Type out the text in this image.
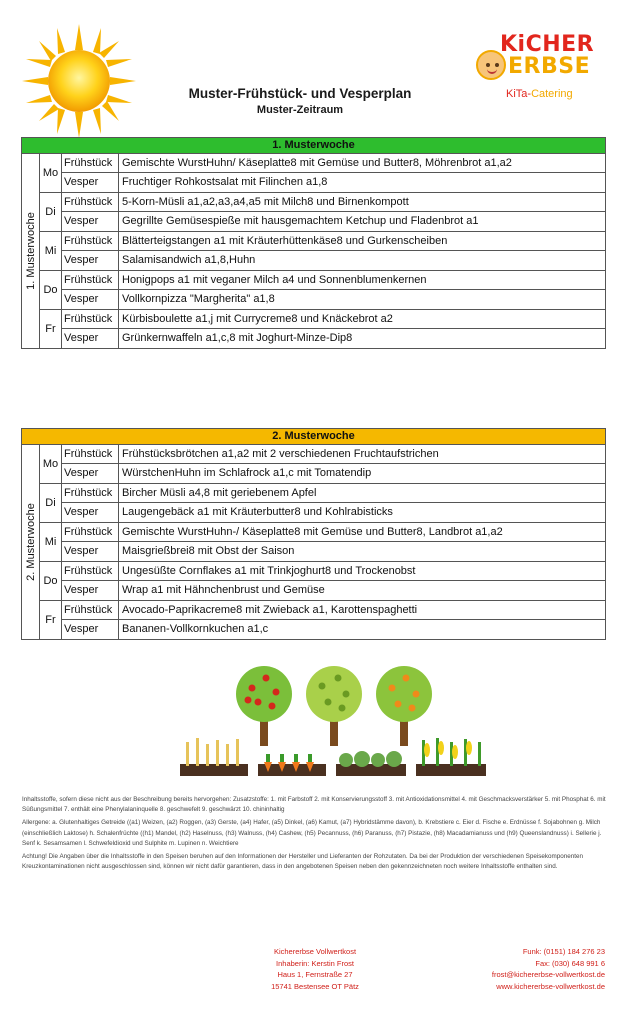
Muster-Frühstück- und Vesperplan
Muster-Zeitraum
KiCHER
ERBSE
KiTa-Catering
1. Musterwoche
1. Musterwoche
Mo
Frühstück Gemischte WurstHuhn/ Käseplatte8 mit Gemüse und Butter8, Möhrenbrot a1,a2
Vesper	Fruchtiger Rohkostsalat mit Filinchen a1,8
Di
Frühstück 5-Korn-Müsli a1,a2,a3,a4,a5 mit Milch8 und Birnenkompott
Vesper	Gegrillte Gemüsespieße mit hausgemachtem Ketchup und Fladenbrot a1
Mi
Frühstück Blätterteigstangen a1 mit Kräuterhüttenkäse8 und Gurkenscheiben
Vesper	Salamisandwich a1,8,Huhn
Do
Frühstück Honigpops a1 mit veganer Milch a4 und Sonnenblumenkernen
Vesper	Vollkornpizza "Margherita" a1,8
Fr
Frühstück Kürbisboulette a1,j mit Currycreme8 und Knäckebrot a2
Vesper	Grünkernwaffeln a1,c,8 mit Joghurt-Minze-Dip8
2. Musterwoche
2. Musterwoche
Mo
Frühstück Frühstücksbrötchen a1,a2 mit 2 verschiedenen Fruchtaufstrichen
Vesper	WürstchenHuhn im Schlafrock a1,c mit Tomatendip
Di
Frühstück Bircher Müsli a4,8 mit geriebenem Apfel
Vesper	Laugengebäck a1 mit Kräuterbutter8 und Kohlrabisticks
Mi
Frühstück Gemischte WurstHuhn-/ Käseplatte8 mit Gemüse und Butter8, Landbrot a1,a2
Vesper	Maisgrießbrei8 mit Obst der Saison
Do
Frühstück Ungesüßte Cornflakes a1 mit Trinkjoghurt8 und Trockenobst
Vesper	Wrap a1 mit Hähnchenbrust und Gemüse
Fr
Frühstück Avocado-Paprikacreme8 mit Zwieback a1, Karottenspaghetti
Vesper	Bananen-Vollkornkuchen a1,c

Inhaltsstoffe, sofern diese nicht aus der Beschreibung bereits hervorgehen: Zusatzstoffe: 1. mit Farbstoff 2. mit Konservierungsstoff 3. mit Antioxidationsmittel 4. mit Geschmacksverstärker 5. mit Phosphat 6. mit Süßungsmittel 7. enthält eine Phenylalaninquelle 8. geschwefelt 9. geschwärzt 10. chininhaltig

Allergene: a. Glutenhaltiges Getreide ((a1) Weizen, (a2) Roggen, (a3) Gerste, (a4) Hafer, (a5) Dinkel, (a6) Kamut, (a7) Hybridstämme davon), b. Krebstiere c. Eier d. Fische e. Erdnüsse f. Sojabohnen g. Milch (einschließlich Laktose) h. Schalenfrüchte ((h1) Mandel, (h2) Haselnuss, (h3) Walnuss, (h4) Cashew, (h5) Pecannuss, (h6) Paranuss, (h7) Pistazie, (h8) Macadamianuss und (h9) Queenslandnuss) i. Sellerie j. Senf k. Sesamsamen l. Schwefeldioxid und Sulphite m. Lupinen n. Weichtiere

Achtung! Die Angaben über die Inhaltsstoffe in den Speisen beruhen auf den Informationen der Hersteller und Lieferanten der Rohzutaten. Da bei der Produktion der verschiedenen Speisekomponenten Kreuzkontaminationen nicht ausgeschlossen sind, können wir nicht dafür garantieren, dass in den angebotenen Speisen neben den gekennzeichneten noch weitere Inhaltsstoffe enthalten sind.

Kichererbse Vollwertkost
Inhaberin: Kerstin Frost
Haus 1, Fernstraße 27
15741 Bestensee OT Pätz
Funk: (0151) 184 276 23
Fax: (030) 648 991 6
frost@kichererbse-vollwertkost.de
www.kichererbse-vollwertkost.de
